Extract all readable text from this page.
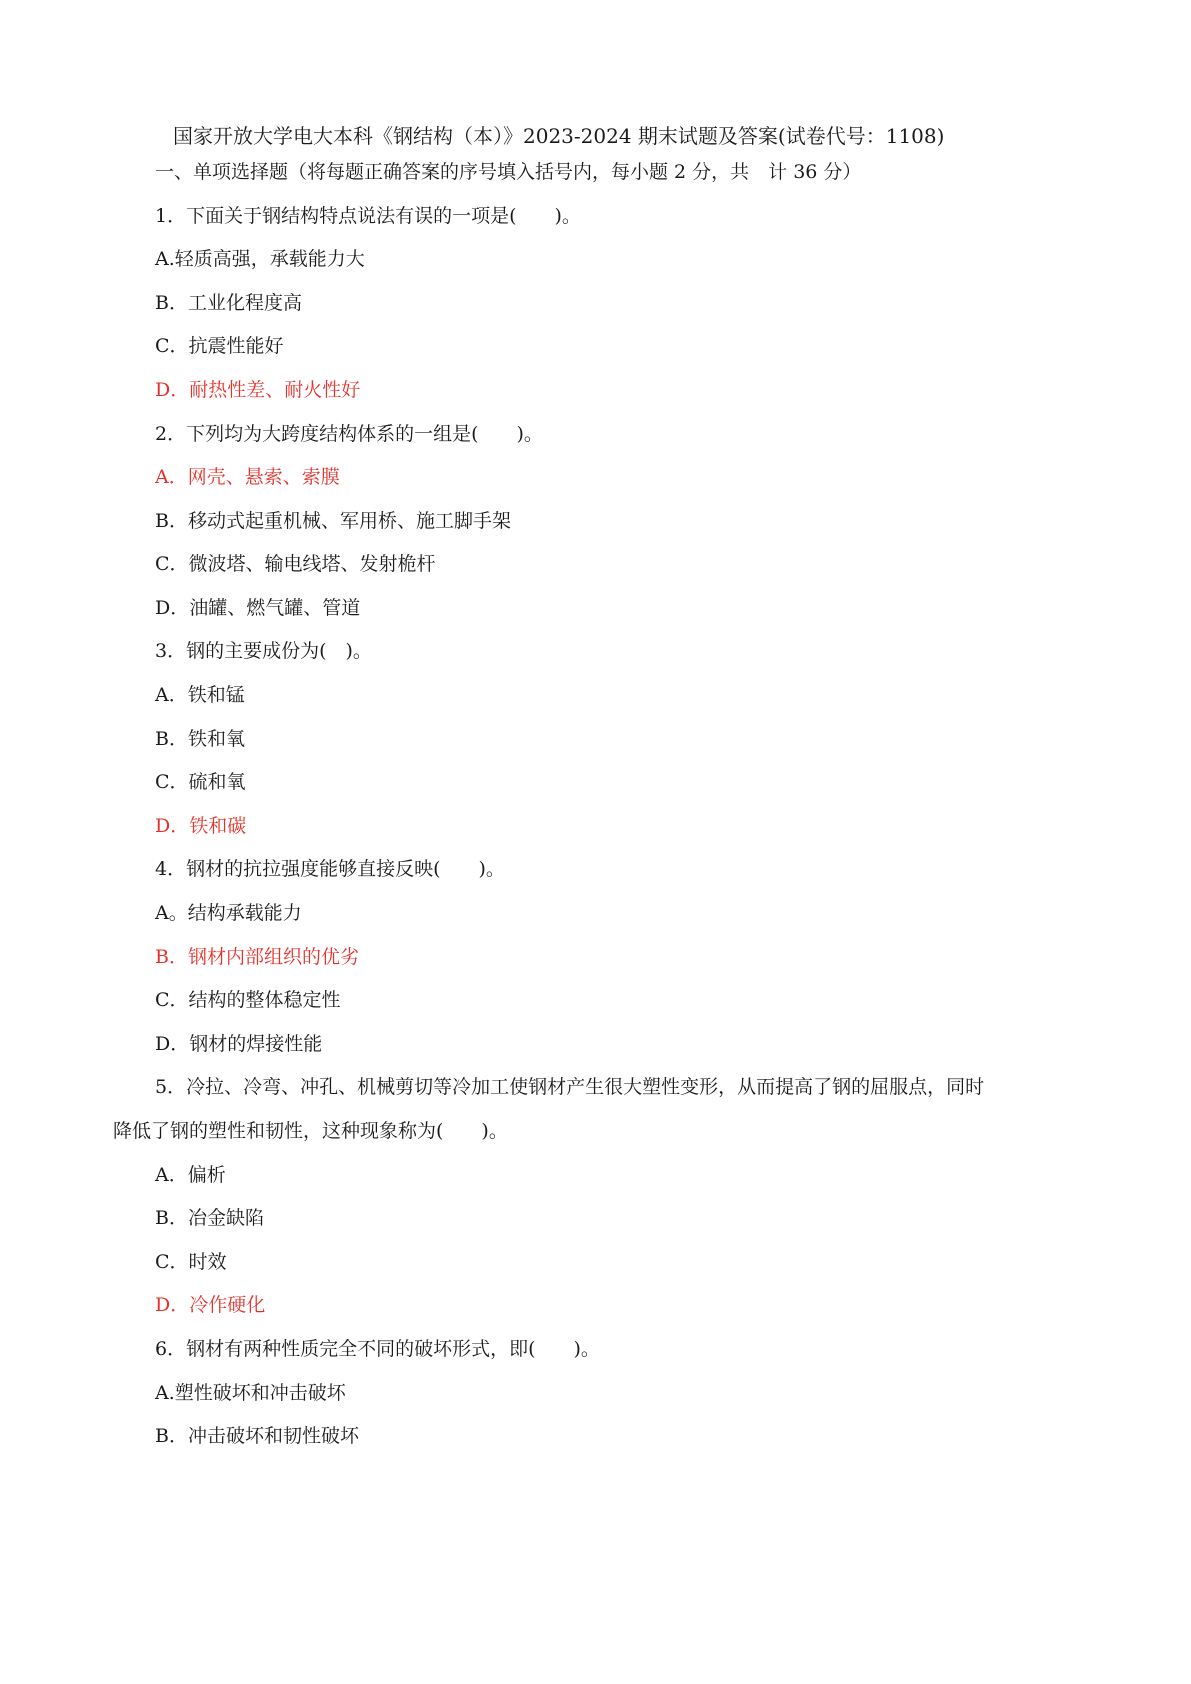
国家开放大学电大本科《钢结构（本）》2023-2024 期末试题及答案(试卷代号：1108)
一、单项选择题（将每题正确答案的序号填入括号内，每小题 2 分，共　计 36 分）
1．下面关于钢结构特点说法有误的一项是(　　)。
A.轻质高强，承载能力大
B．工业化程度高
C．抗震性能好
D．耐热性差、耐火性好
2．下列均为大跨度结构体系的一组是(　　)。
A．网壳、悬索、索膜
B．移动式起重机械、军用桥、施工脚手架
C．微波塔、输电线塔、发射桅杆
D．油罐、燃气罐、管道
3．钢的主要成份为(　)。
A．铁和锰
B．铁和氧
C．硫和氧
D．铁和碳
4．钢材的抗拉强度能够直接反映(　　)。
A。结构承载能力
B．钢材内部组织的优劣
C．结构的整体稳定性
D．钢材的焊接性能
5．冷拉、冷弯、冲孔、机械剪切等冷加工使钢材产生很大塑性变形，从而提高了钢的屈服点，同时
降低了钢的塑性和韧性，这种现象称为(　　)。
A．偏析
B．冶金缺陷
C．时效
D．冷作硬化
6．钢材有两种性质完全不同的破坏形式，即(　　)。
A.塑性破坏和冲击破坏
B．冲击破坏和韧性破坏
